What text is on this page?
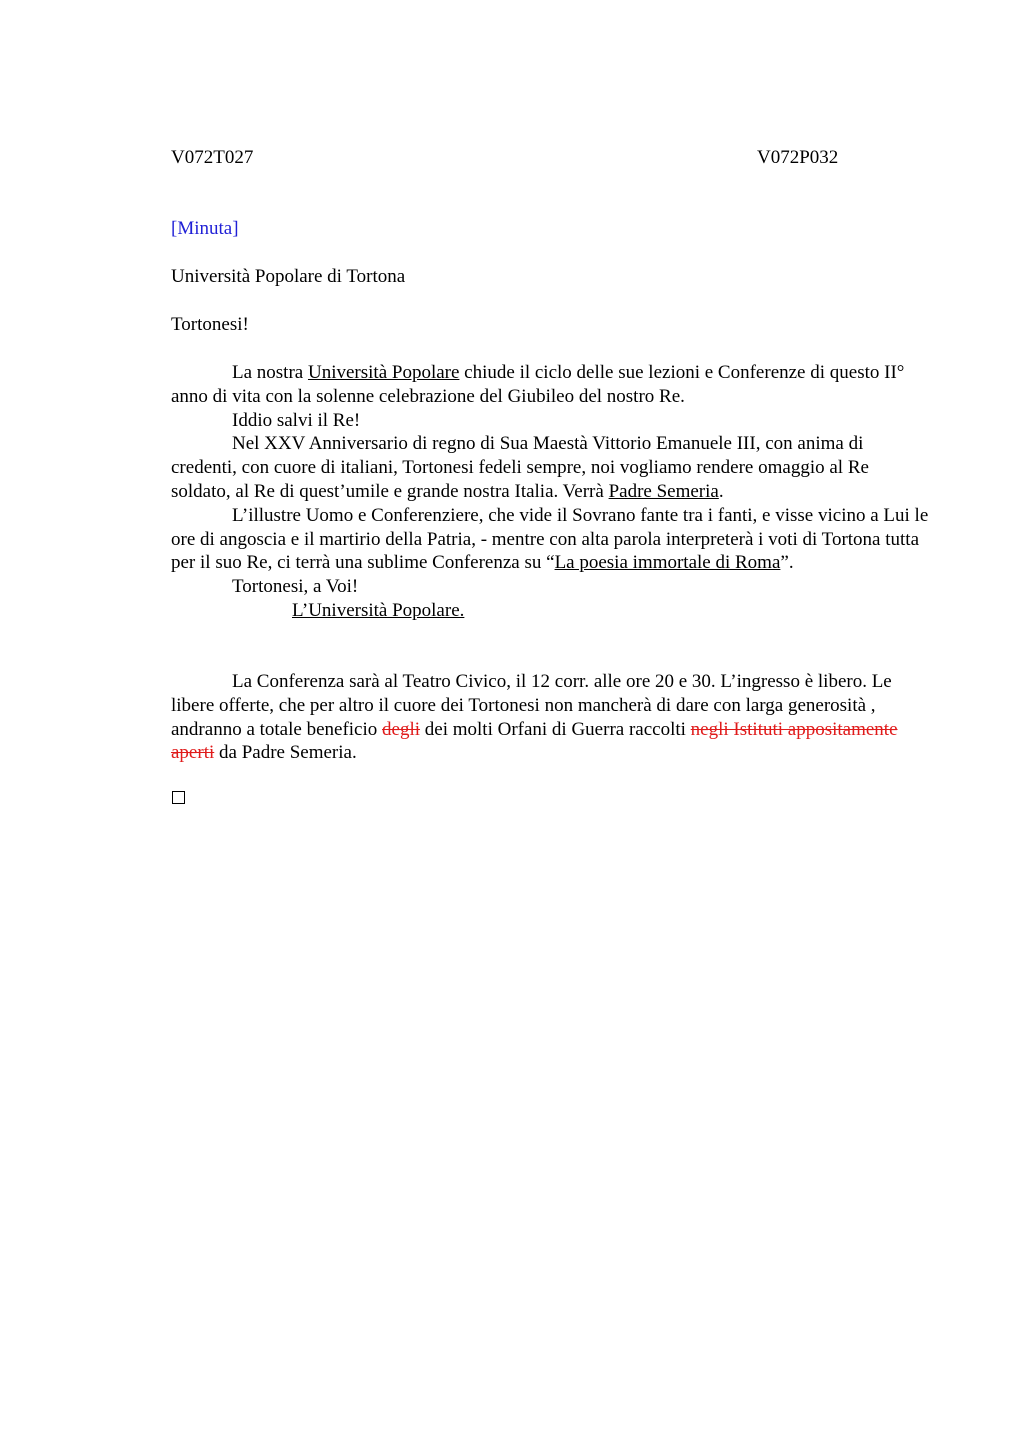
V072T027	V072P032
[Minuta]
Università Popolare di Tortona
Tortonesi!

La nostra Università Popolare chiude il ciclo delle sue lezioni e Conferenze di questo II° anno di vita con la solenne celebrazione del Giubileo del nostro Re.

Iddio salvi il Re!

Nel XXV Anniversario di regno di Sua Maestà Vittorio Emanuele III, con anima di credenti, con cuore di italiani, Tortonesi fedeli sempre, noi vogliamo rendere omaggio al Re soldato, al Re di quest’umile e grande nostra Italia. Verrà Padre Semeria.

L’illustre Uomo e Conferenziere, che vide il Sovrano fante tra i fanti, e visse vicino a Lui le ore di angoscia e il martirio della Patria, - mentre con alta parola interpreterà i voti di Tortona tutta per il suo Re, ci terrà una sublime Conferenza su “La poesia immortale di Roma”.

Tortonesi, a Voi!

L’Università Popolare.

La Conferenza sarà al Teatro Civico, il 12 corr. alle ore 20 e 30. L’ingresso è libero. Le libere offerte, che per altro il cuore dei Tortonesi non mancherà di dare con larga generosità , andranno a totale beneficio degli dei molti Orfani di Guerra raccolti negli Istituti appositamente aperti da Padre Semeria.
